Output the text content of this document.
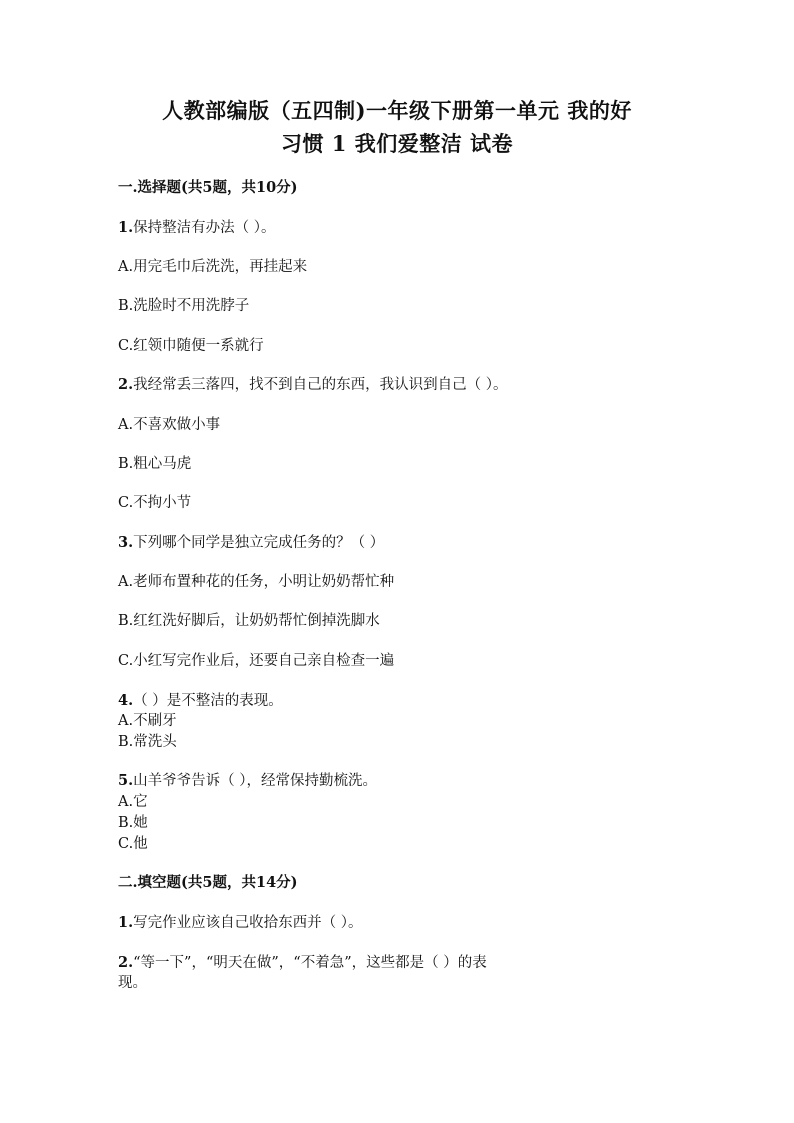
人教部编版（五四制)一年级下册第一单元 我的好
习惯 1 我们爱整洁 试卷
一.选择题(共5题，共10分)
1.保持整洁有办法（ ）。
A.用完毛巾后洗洗，再挂起来
B.洗脸时不用洗脖子
C.红领巾随便一系就行
2.我经常丢三落四，找不到自己的东西，我认识到自己（ ）。
A.不喜欢做小事
B.粗心马虎
C.不拘小节
3.下列哪个同学是独立完成任务的？（ ）
A.老师布置种花的任务，小明让奶奶帮忙种
B.红红洗好脚后，让奶奶帮忙倒掉洗脚水
C.小红写完作业后，还要自己亲自检查一遍
4.（ ）是不整洁的表现。
A.不刷牙
B.常洗头
5.山羊爷爷告诉（ ），经常保持勤梳洗。
A.它
B.她
C.他
二.填空题(共5题，共14分)
1.写完作业应该自己收拾东西并（ ）。
2.“等一下”，“明天在做”，“不着急”，这些都是（ ）的表
现。
